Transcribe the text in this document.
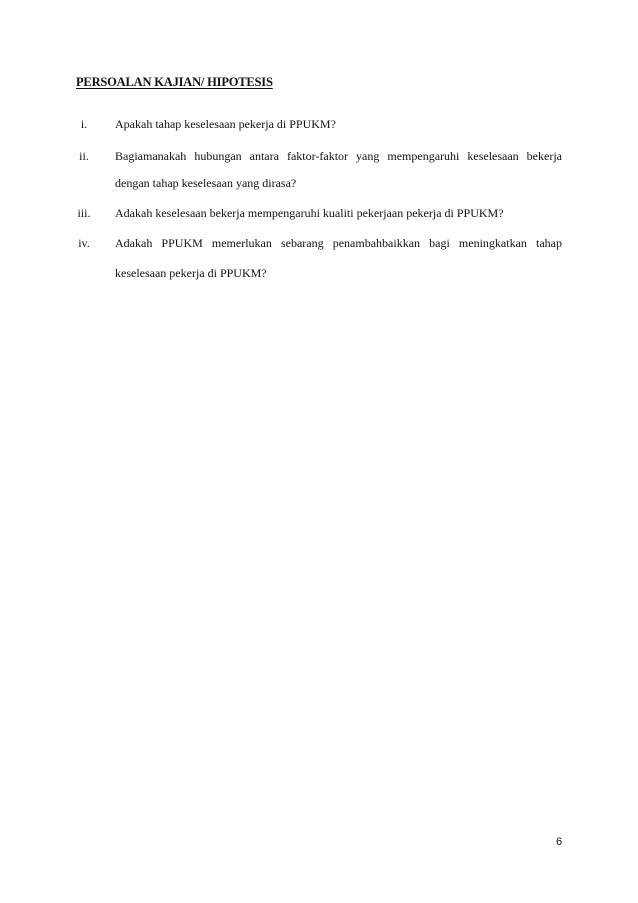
PERSOALAN KAJIAN/ HIPOTESIS
i.	Apakah tahap keselesaan pekerja di PPUKM?
ii.	Bagiamanakah hubungan antara faktor-faktor yang mempengaruhi keselesaan bekerja
dengan tahap keselesaan yang dirasa?
iii.	Adakah keselesaan bekerja mempengaruhi kualiti pekerjaan pekerja di PPUKM?
iv.	Adakah PPUKM memerlukan sebarang penambahbaikkan bagi meningkatkan tahap
keselesaan pekerja di PPUKM?
6
